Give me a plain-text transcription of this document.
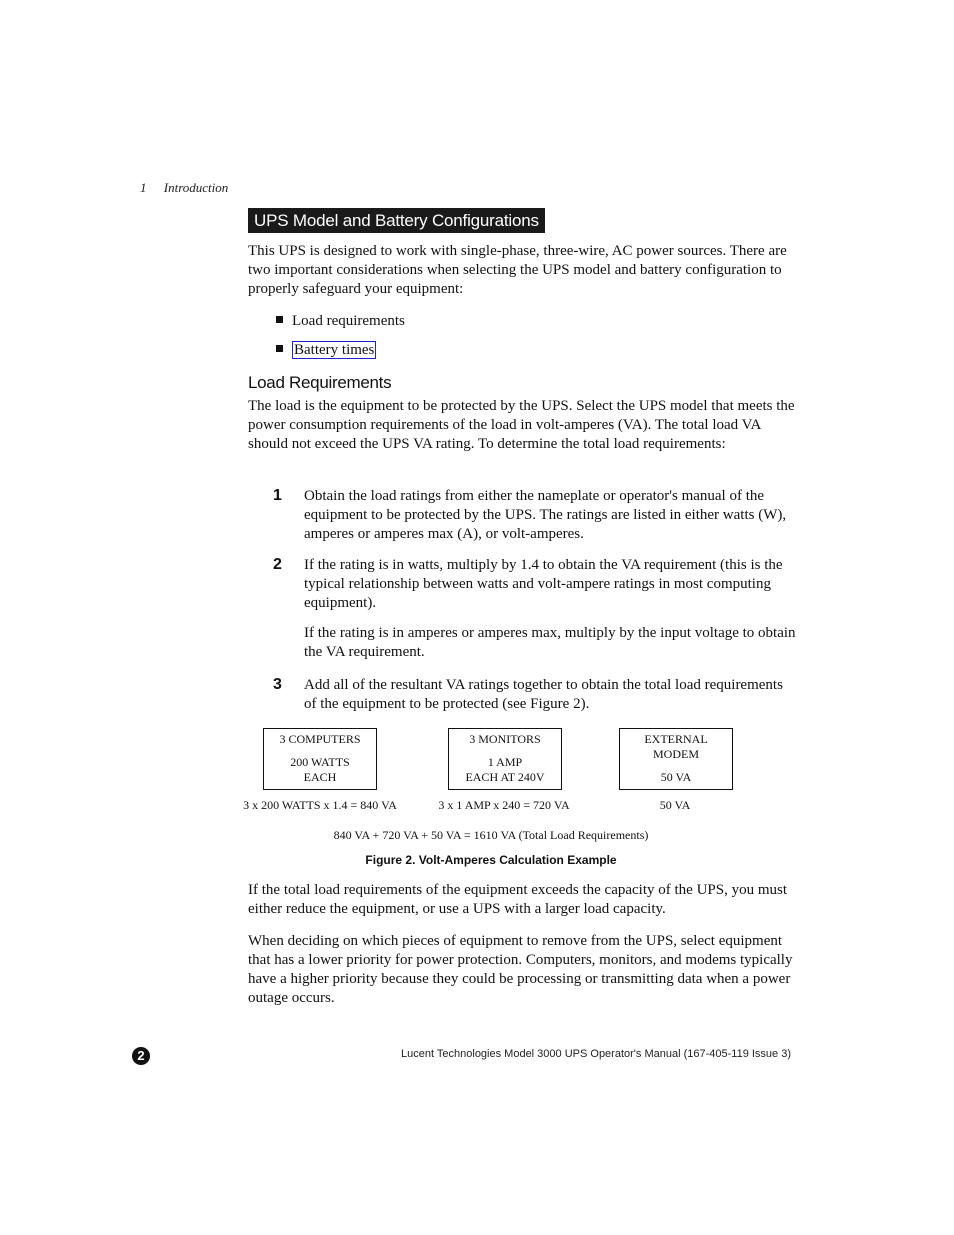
1 Introduction
UPS Model and Battery Configurations
This UPS is designed to work with single-phase, three-wire, AC power sources. There are two important considerations when selecting the UPS model and battery configuration to properly safeguard your equipment:
Load requirements
Battery times
Load Requirements
The load is the equipment to be protected by the UPS. Select the UPS model that meets the power consumption requirements of the load in volt-amperes (VA). The total load VA should not exceed the UPS VA rating. To determine the total load requirements:
1 Obtain the load ratings from either the nameplate or operator's manual of the equipment to be protected by the UPS. The ratings are listed in either watts (W), amperes or amperes max (A), or volt-amperes.
2 If the rating is in watts, multiply by 1.4 to obtain the VA requirement (this is the typical relationship between watts and volt-ampere ratings in most computing equipment).
If the rating is in amperes or amperes max, multiply by the input voltage to obtain the VA requirement.
3 Add all of the resultant VA ratings together to obtain the total load requirements of the equipment to be protected (see Figure 2).
3 COMPUTERS
200 WATTS
EACH
3 MONITORS
1 AMP
EACH AT 240V
EXTERNAL
MODEM
50 VA
3 x 200 WATTS x 1.4 = 840 VA	3 x 1 AMP x 240 = 720 VA	50 VA
840 VA + 720 VA + 50 VA = 1610 VA (Total Load Requirements)
Figure 2. Volt-Amperes Calculation Example
If the total load requirements of the equipment exceeds the capacity of the UPS, you must either reduce the equipment, or use a UPS with a larger load capacity.
When deciding on which pieces of equipment to remove from the UPS, select equipment that has a lower priority for power protection. Computers, monitors, and modems typically have a higher priority because they could be processing or transmitting data when a power outage occurs.
2	Lucent Technologies Model 3000 UPS Operator's Manual (167-405-119 Issue 3)
